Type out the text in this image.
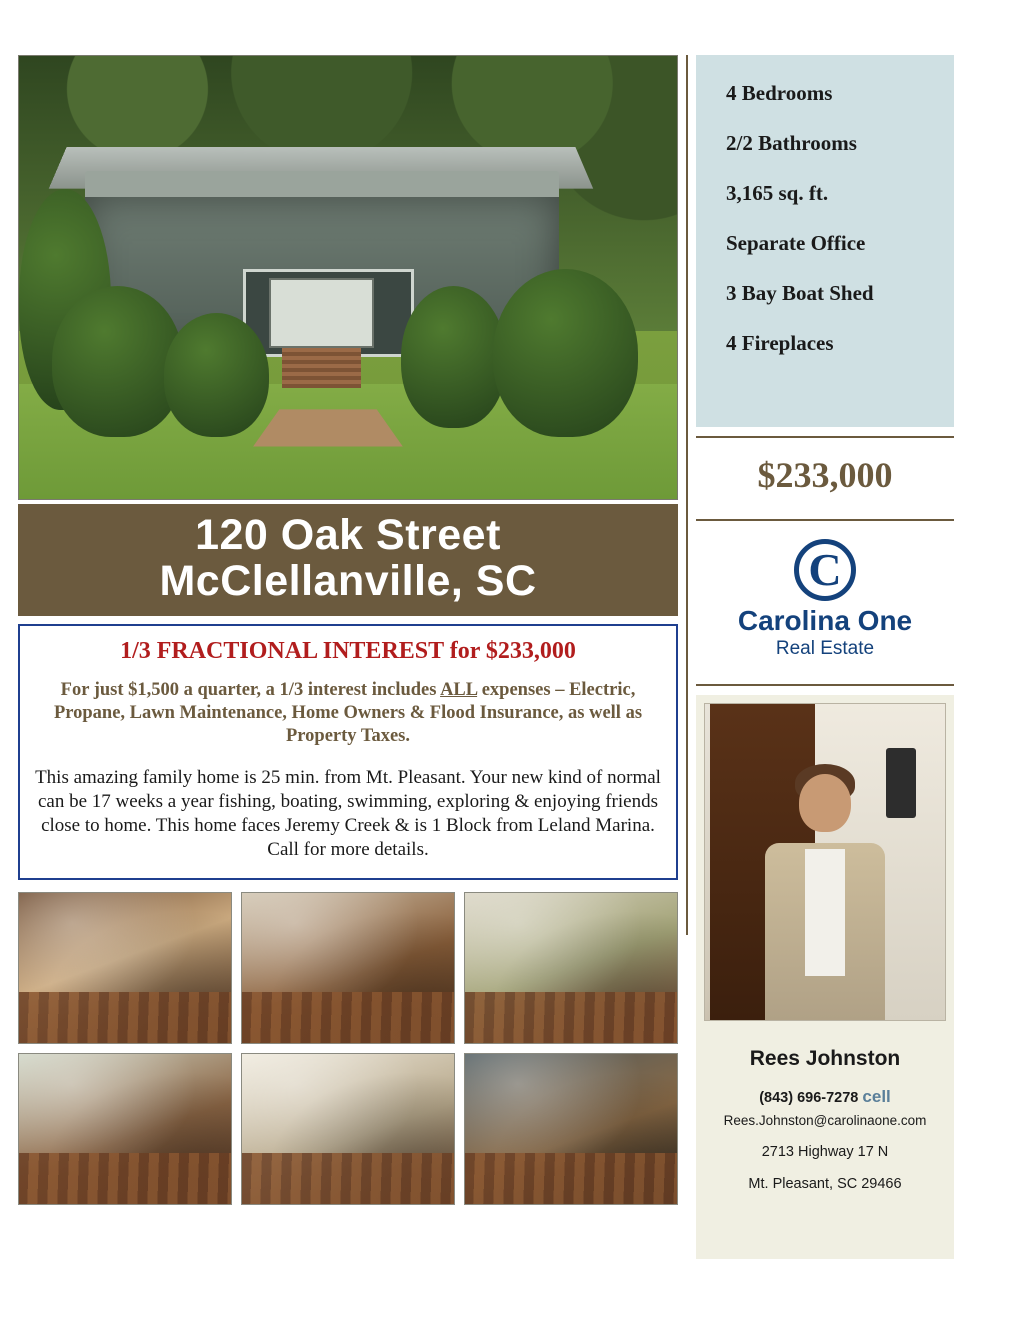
120 Oak Street
McClellanville, SC
1/3 FRACTIONAL INTEREST for $233,000
For just $1,500 a quarter, a 1/3 interest includes ALL expenses – Electric, Propane, Lawn Maintenance, Home Owners & Flood Insurance, as well as Property Taxes.
This amazing family home is 25 min. from Mt. Pleasant. Your new kind of normal can be 17 weeks a year fishing, boating, swimming, exploring & enjoying friends close to home. This home faces Jeremy Creek & is 1 Block from Leland Marina. Call for more details.
4 Bedrooms
2/2 Bathrooms
3,165 sq. ft.
Separate Office
3 Bay Boat Shed
4 Fireplaces
$233,000
C
Carolina One
Real Estate
Rees Johnston
(843) 696-7278 cell
Rees.Johnston@carolinaone.com
2713 Highway 17 N
Mt. Pleasant, SC 29466
